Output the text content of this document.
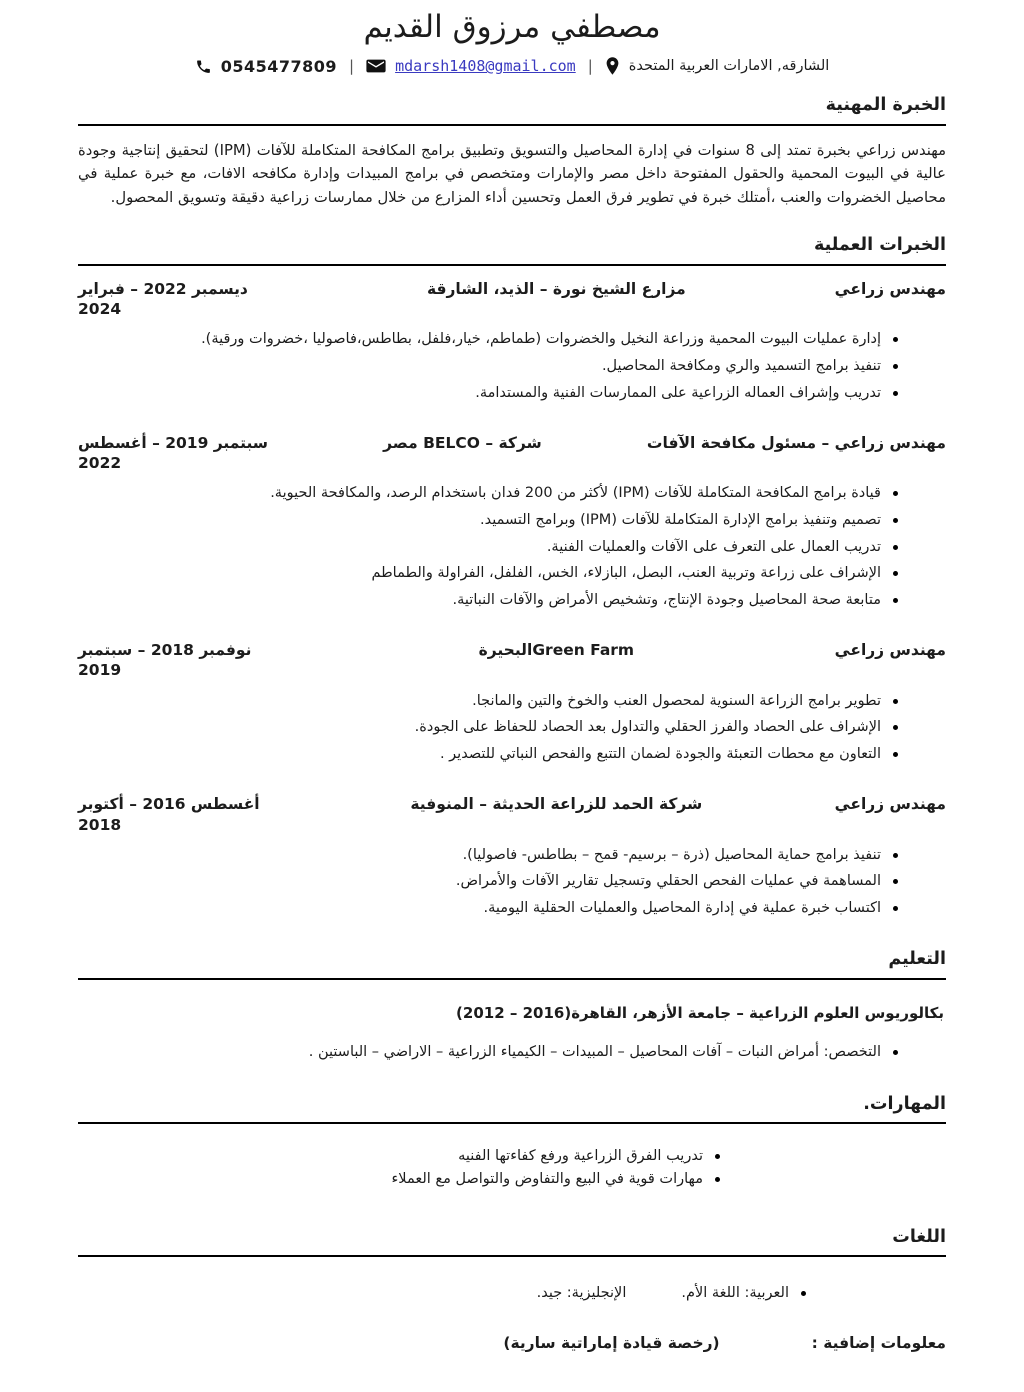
مصطفي مرزوق القديم
0545477809 |	mdarsh1408@gmail.com | الشارقه, الامارات العربية المتحدة
الخبرة المهنية

مهندس زراعي بخبرة تمتد إلى 8 سنوات في إدارة المحاصيل والتسويق وتطبيق برامج المكافحة المتكاملة للآفات (IPM) لتحقيق إنتاجية وجودة عالية في البيوت المحمية والحقول المفتوحة داخل مصر والإمارات ومتخصص في برامج المبيدات وإدارة مكافحه الافات، مع خبرة عملية في محاصيل الخضروات والعنب ،أمتلك خبرة في تطوير فرق العمل وتحسين أداء المزارع من خلال ممارسات زراعية دقيقة وتسويق المحصول.

الخبرات العملية
مهندس زراعي
مزارع الشيخ نورة – الذيد، الشارقة
ديسمبر 2022 – فبراير 2024
إدارة عمليات البيوت المحمية وزراعة النخيل والخضروات (طماطم، خيار،فلفل، بطاطس،فاصوليا ،خضروات ورقية).
تنفيذ برامج التسميد والري ومكافحة المحاصيل.
تدريب وإشراف العماله الزراعية على الممارسات الفنية والمستدامة.
مهندس زراعي – مسئول مكافحة الآفات
شركة – BELCO مصر
سبتمبر 2019 – أغسطس 2022
قيادة برامج المكافحة المتكاملة للآفات (IPM) لأكثر من 200 فدان باستخدام الرصد، والمكافحة الحيوية.
تصميم وتنفيذ برامج الإدارة المتكاملة للآفات (IPM) وبرامج التسميد.
تدريب العمال على التعرف على الآفات والعمليات الفنية.
الإشراف على زراعة وتربية العنب، البصل، البازلاء، الخس، الفلفل، الفراولة والطماطم
متابعة صحة المحاصيل وجودة الإنتاج، وتشخيص الأمراض والآفات النباتية.
مهندس زراعي
Green Farmالبحيرة
نوفمبر 2018 – سبتمبر 2019
تطوير برامج الزراعة السنوية لمحصول العنب والخوخ والتين والمانجا.
الإشراف على الحصاد والفرز الحقلي والتداول بعد الحصاد للحفاظ على الجودة.
التعاون مع محطات التعبئة والجودة لضمان التتبع والفحص النباتي للتصدير .
مهندس زراعي
شركة الحمد للزراعة الحديثة – المنوفية
أغسطس 2016 – أكتوبر 2018
تنفيذ برامج حماية المحاصيل (ذرة – برسيم- قمح – بطاطس- فاصوليا).
المساهمة في عمليات الفحص الحقلي وتسجيل تقارير الآفات والأمراض.
اكتساب خبرة عملية في إدارة المحاصيل والعمليات الحقلية اليومية.
التعليم
بكالوريوس العلوم الزراعية – جامعة الأزهر، القاهرة(2016 – 2012)
التخصص: أمراض النبات – آفات المحاصيل – المبيدات – الكيمياء الزراعية – الاراضي – الباستين .
المهارات.
تدريب الفرق الزراعية ورفع كفاءتها الفنيه
مهارات قوية في البيع والتفاوض والتواصل مع العملاء
اللغات
العربية: اللغة الأم.الإنجليزية: جيد.
معلومات إضافية :
(رخصة قيادة إماراتية سارية)
